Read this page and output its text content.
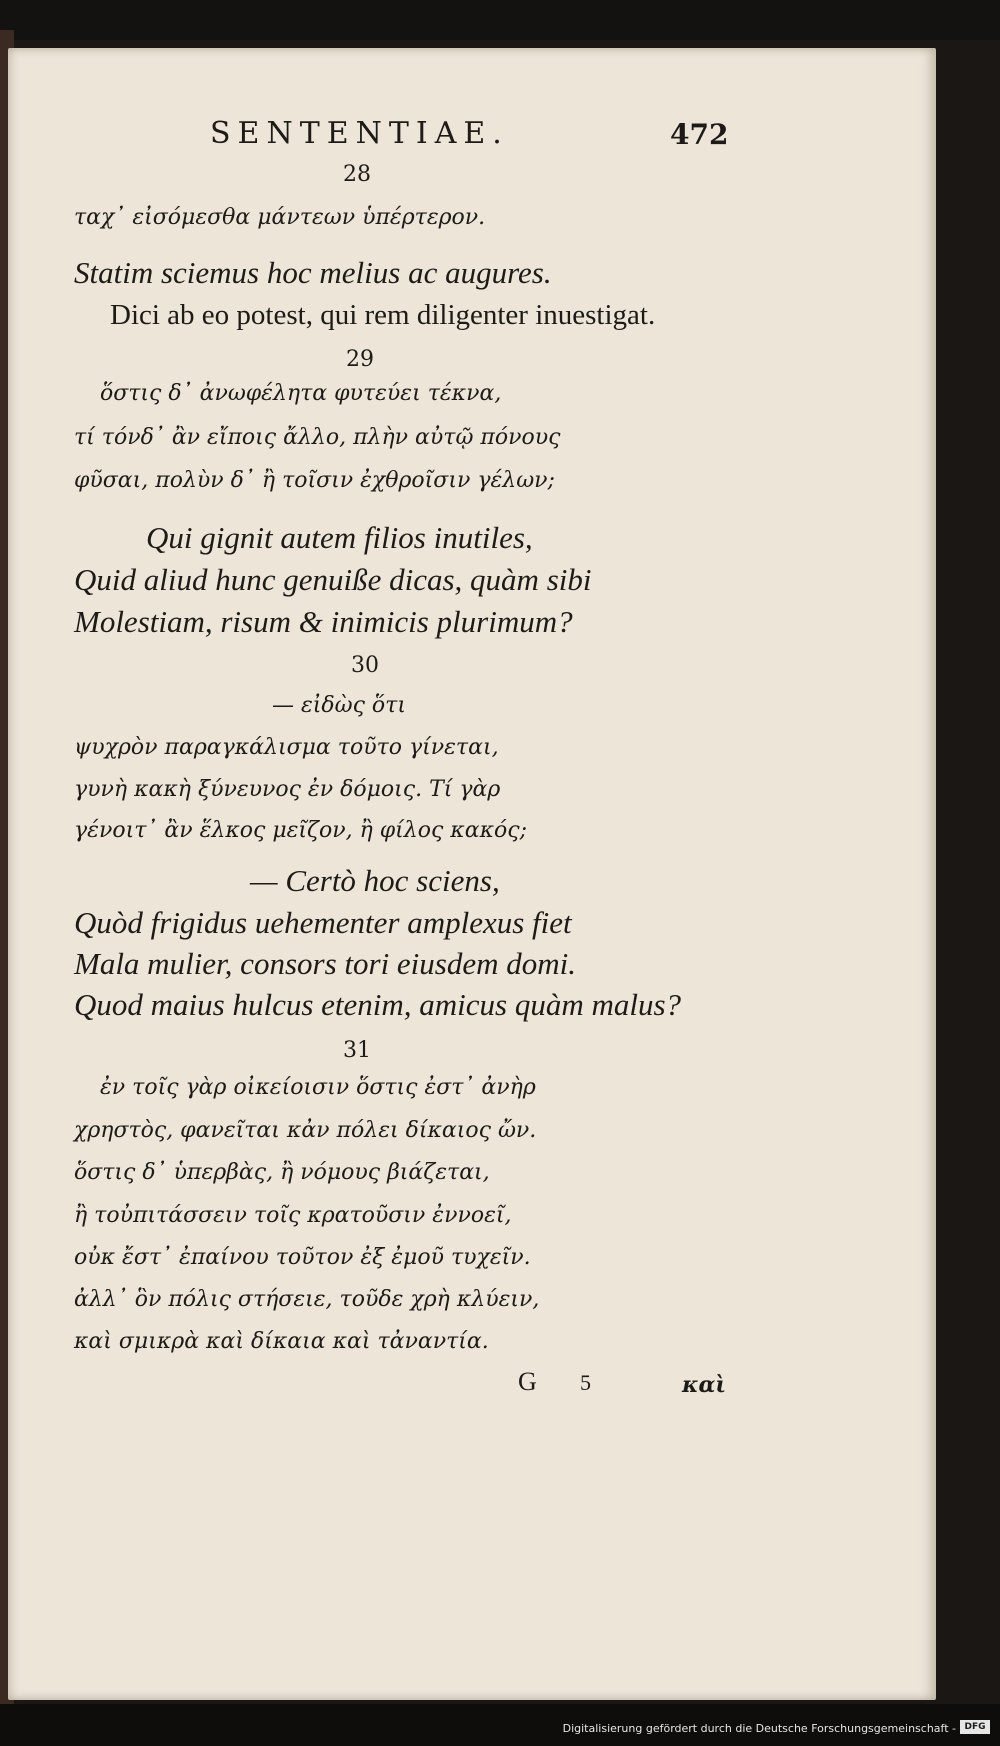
SENTENTIAE.	472
28
ταχ᾽ εἰσόμεσθα μάντεων ὑπέρτερον.
Statim sciemus hoc melius ac augures.
Dici ab eo potest, qui rem diligenter inuestigat.
29
ὅστις δ᾽ ἀνωφέλητα φυτεύει τέκνα,
τί τόνδ᾽ ἂν εἴποις ἄλλο, πλὴν αὐτῷ πόνους
φῦσαι, πολὺν δ᾽ ἢ τοῖσιν ἐχθροῖσιν γέλων;
Qui gignit autem filios inutiles,
Quid aliud hunc genuiße dicas, quàm sibi
Molestiam, risum & inimicis plurimum?
30
— εἰδὼς ὅτι
ψυχρὸν παραγκάλισμα τοῦτο γίνεται,
γυνὴ κακὴ ξύνευνος ἐν δόμοις. Τί γὰρ
γένοιτ᾽ ἂν ἕλκος μεῖζον, ἢ φίλος κακός;
— Certò hoc sciens,
Quòd frigidus uehementer amplexus fiet
Mala mulier, consors tori eiusdem domi.
Quod maius hulcus etenim, amicus quàm malus?
31
ἐν τοῖς γὰρ οἰκείοισιν ὅστις ἐστ᾽ ἀνὴρ
χρηστὸς, φανεῖται κἀν πόλει δίκαιος ὤν.
ὅστις δ᾽ ὑπερβὰς, ἢ νόμους βιάζεται,
ἢ τοὐπιτάσσειν τοῖς κρατοῦσιν ἐννοεῖ,
οὐκ ἔστ᾽ ἐπαίνου τοῦτον ἐξ ἐμοῦ τυχεῖν.
ἀλλ᾽ ὃν πόλις στήσειε, τοῦδε χρὴ κλύειν,
καὶ σμικρὰ καὶ δίκαια καὶ τἀναντία.
G 5	καὶ
Digitalisierung gefördert durch die Deutsche Forschungsgemeinschaft - DFG
